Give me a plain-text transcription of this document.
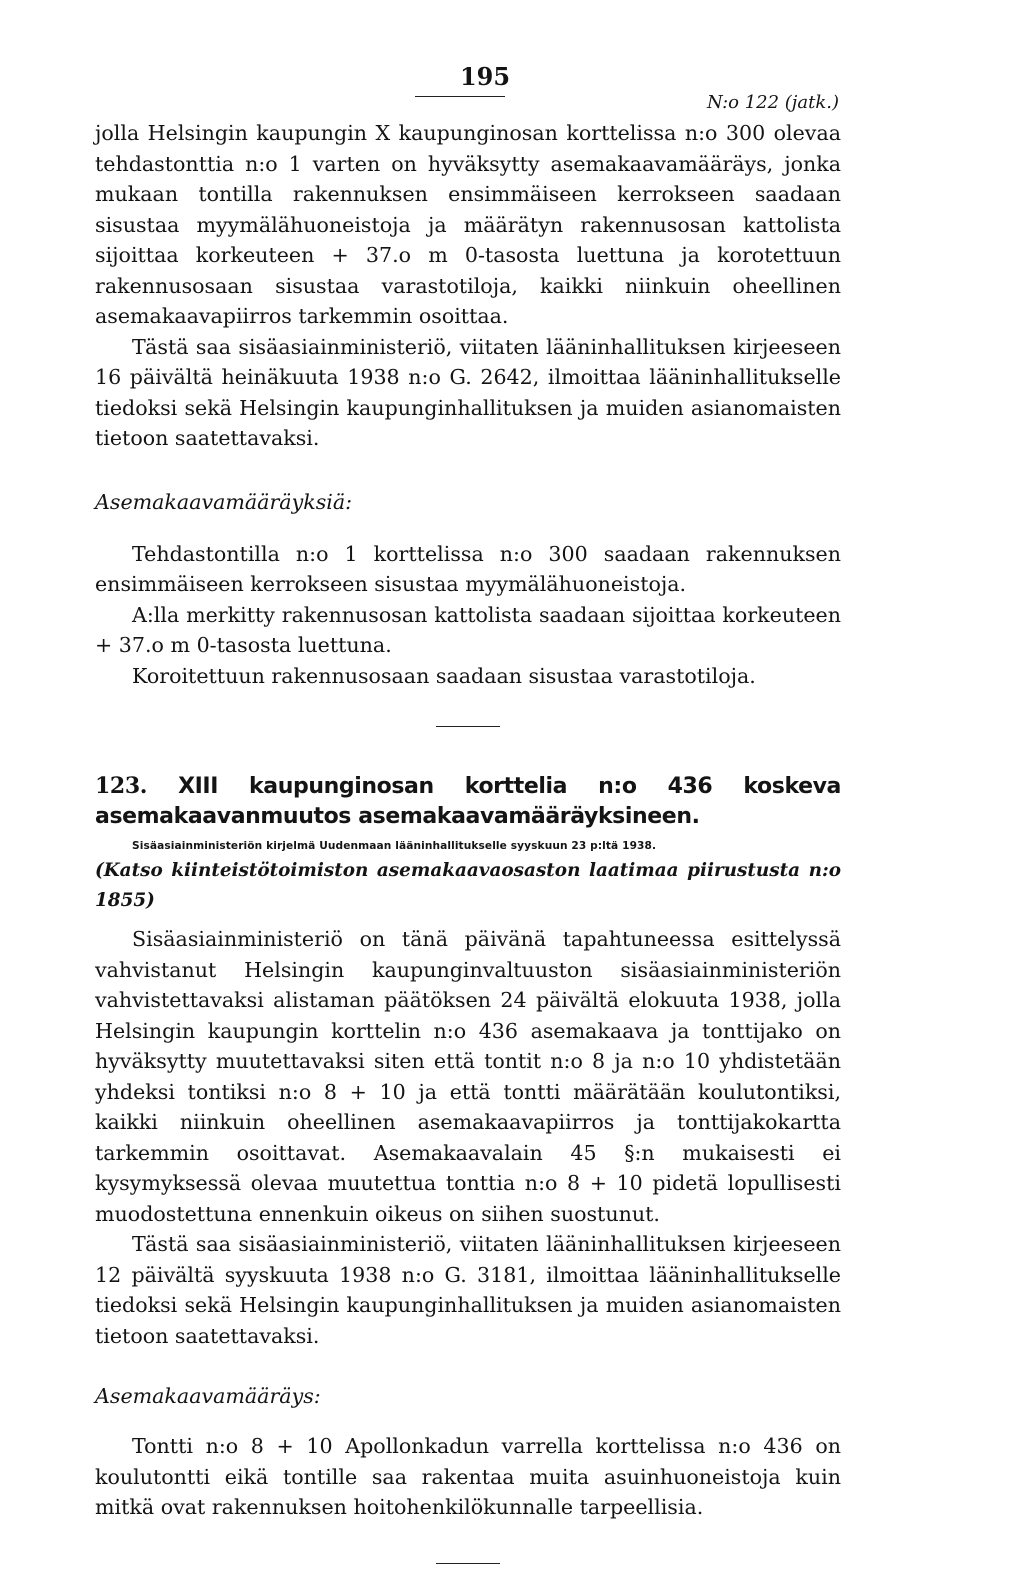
195
N:o 122 (jatk.)

jolla Helsingin kaupungin X kaupunginosan korttelissa n:o 300 olevaa tehdastonttia n:o 1 varten on hyväksytty asemakaavamääräys, jonka mukaan tontilla rakennuksen ensimmäiseen kerrokseen saadaan sisustaa myymälähuoneistoja ja määrätyn rakennusosan kattolista sijoittaa korkeuteen + 37.o m 0-tasosta luettuna ja korotettuun rakennusosaan sisustaa varastotiloja, kaikki niinkuin oheellinen asemakaavapiirros tarkemmin osoittaa.

Tästä saa sisäasiainministeriö, viitaten lääninhallituksen kirjeeseen 16 päivältä heinäkuuta 1938 n:o G. 2642, ilmoittaa lääninhallitukselle tiedoksi sekä Helsingin kaupunginhallituksen ja muiden asianomaisten tietoon saatettavaksi.

Asemakaavamääräyksiä:

Tehdastontilla n:o 1 korttelissa n:o 300 saadaan rakennuksen ensimmäiseen kerrokseen sisustaa myymälähuoneistoja.

A:lla merkitty rakennusosan kattolista saadaan sijoittaa korkeuteen + 37.o m 0-tasosta luettuna.

Koroitettuun rakennusosaan saadaan sisustaa varastotiloja.

123. XIII kaupunginosan korttelia n:o 436 koskeva asemakaavanmuutos asemakaavamääräyksineen.

Sisäasiainministeriön kirjelmä Uudenmaan lääninhallitukselle syyskuun 23 p:ltä 1938.

(Katso kiinteistötoimiston asemakaavaosaston laatimaa piirustusta n:o 1855)

Sisäasiainministeriö on tänä päivänä tapahtuneessa esittelyssä vahvistanut Helsingin kaupunginvaltuuston sisäasiainministeriön vahvistettavaksi alistaman päätöksen 24 päivältä elokuuta 1938, jolla Helsingin kaupungin korttelin n:o 436 asemakaava ja tonttijako on hyväksytty muutettavaksi siten että tontit n:o 8 ja n:o 10 yhdistetään yhdeksi tontiksi n:o 8 + 10 ja että tontti määrätään koulutontiksi, kaikki niinkuin oheellinen asemakaavapiirros ja tonttijakokartta tarkemmin osoittavat. Asemakaavalain 45 §:n mukaisesti ei kysymyksessä olevaa muutettua tonttia n:o 8 + 10 pidetä lopullisesti muodostettuna ennenkuin oikeus on siihen suostunut.

Tästä saa sisäasiainministeriö, viitaten lääninhallituksen kirjeeseen 12 päivältä syyskuuta 1938 n:o G. 3181, ilmoittaa lääninhallitukselle tiedoksi sekä Helsingin kaupunginhallituksen ja muiden asianomaisten tietoon saatettavaksi.

Asemakaavamääräys:

Tontti n:o 8 + 10 Apollonkadun varrella korttelissa n:o 436 on koulutontti eikä tontille saa rakentaa muita asuinhuoneistoja kuin mitkä ovat rakennuksen hoitohenkilökunnalle tarpeellisia.
